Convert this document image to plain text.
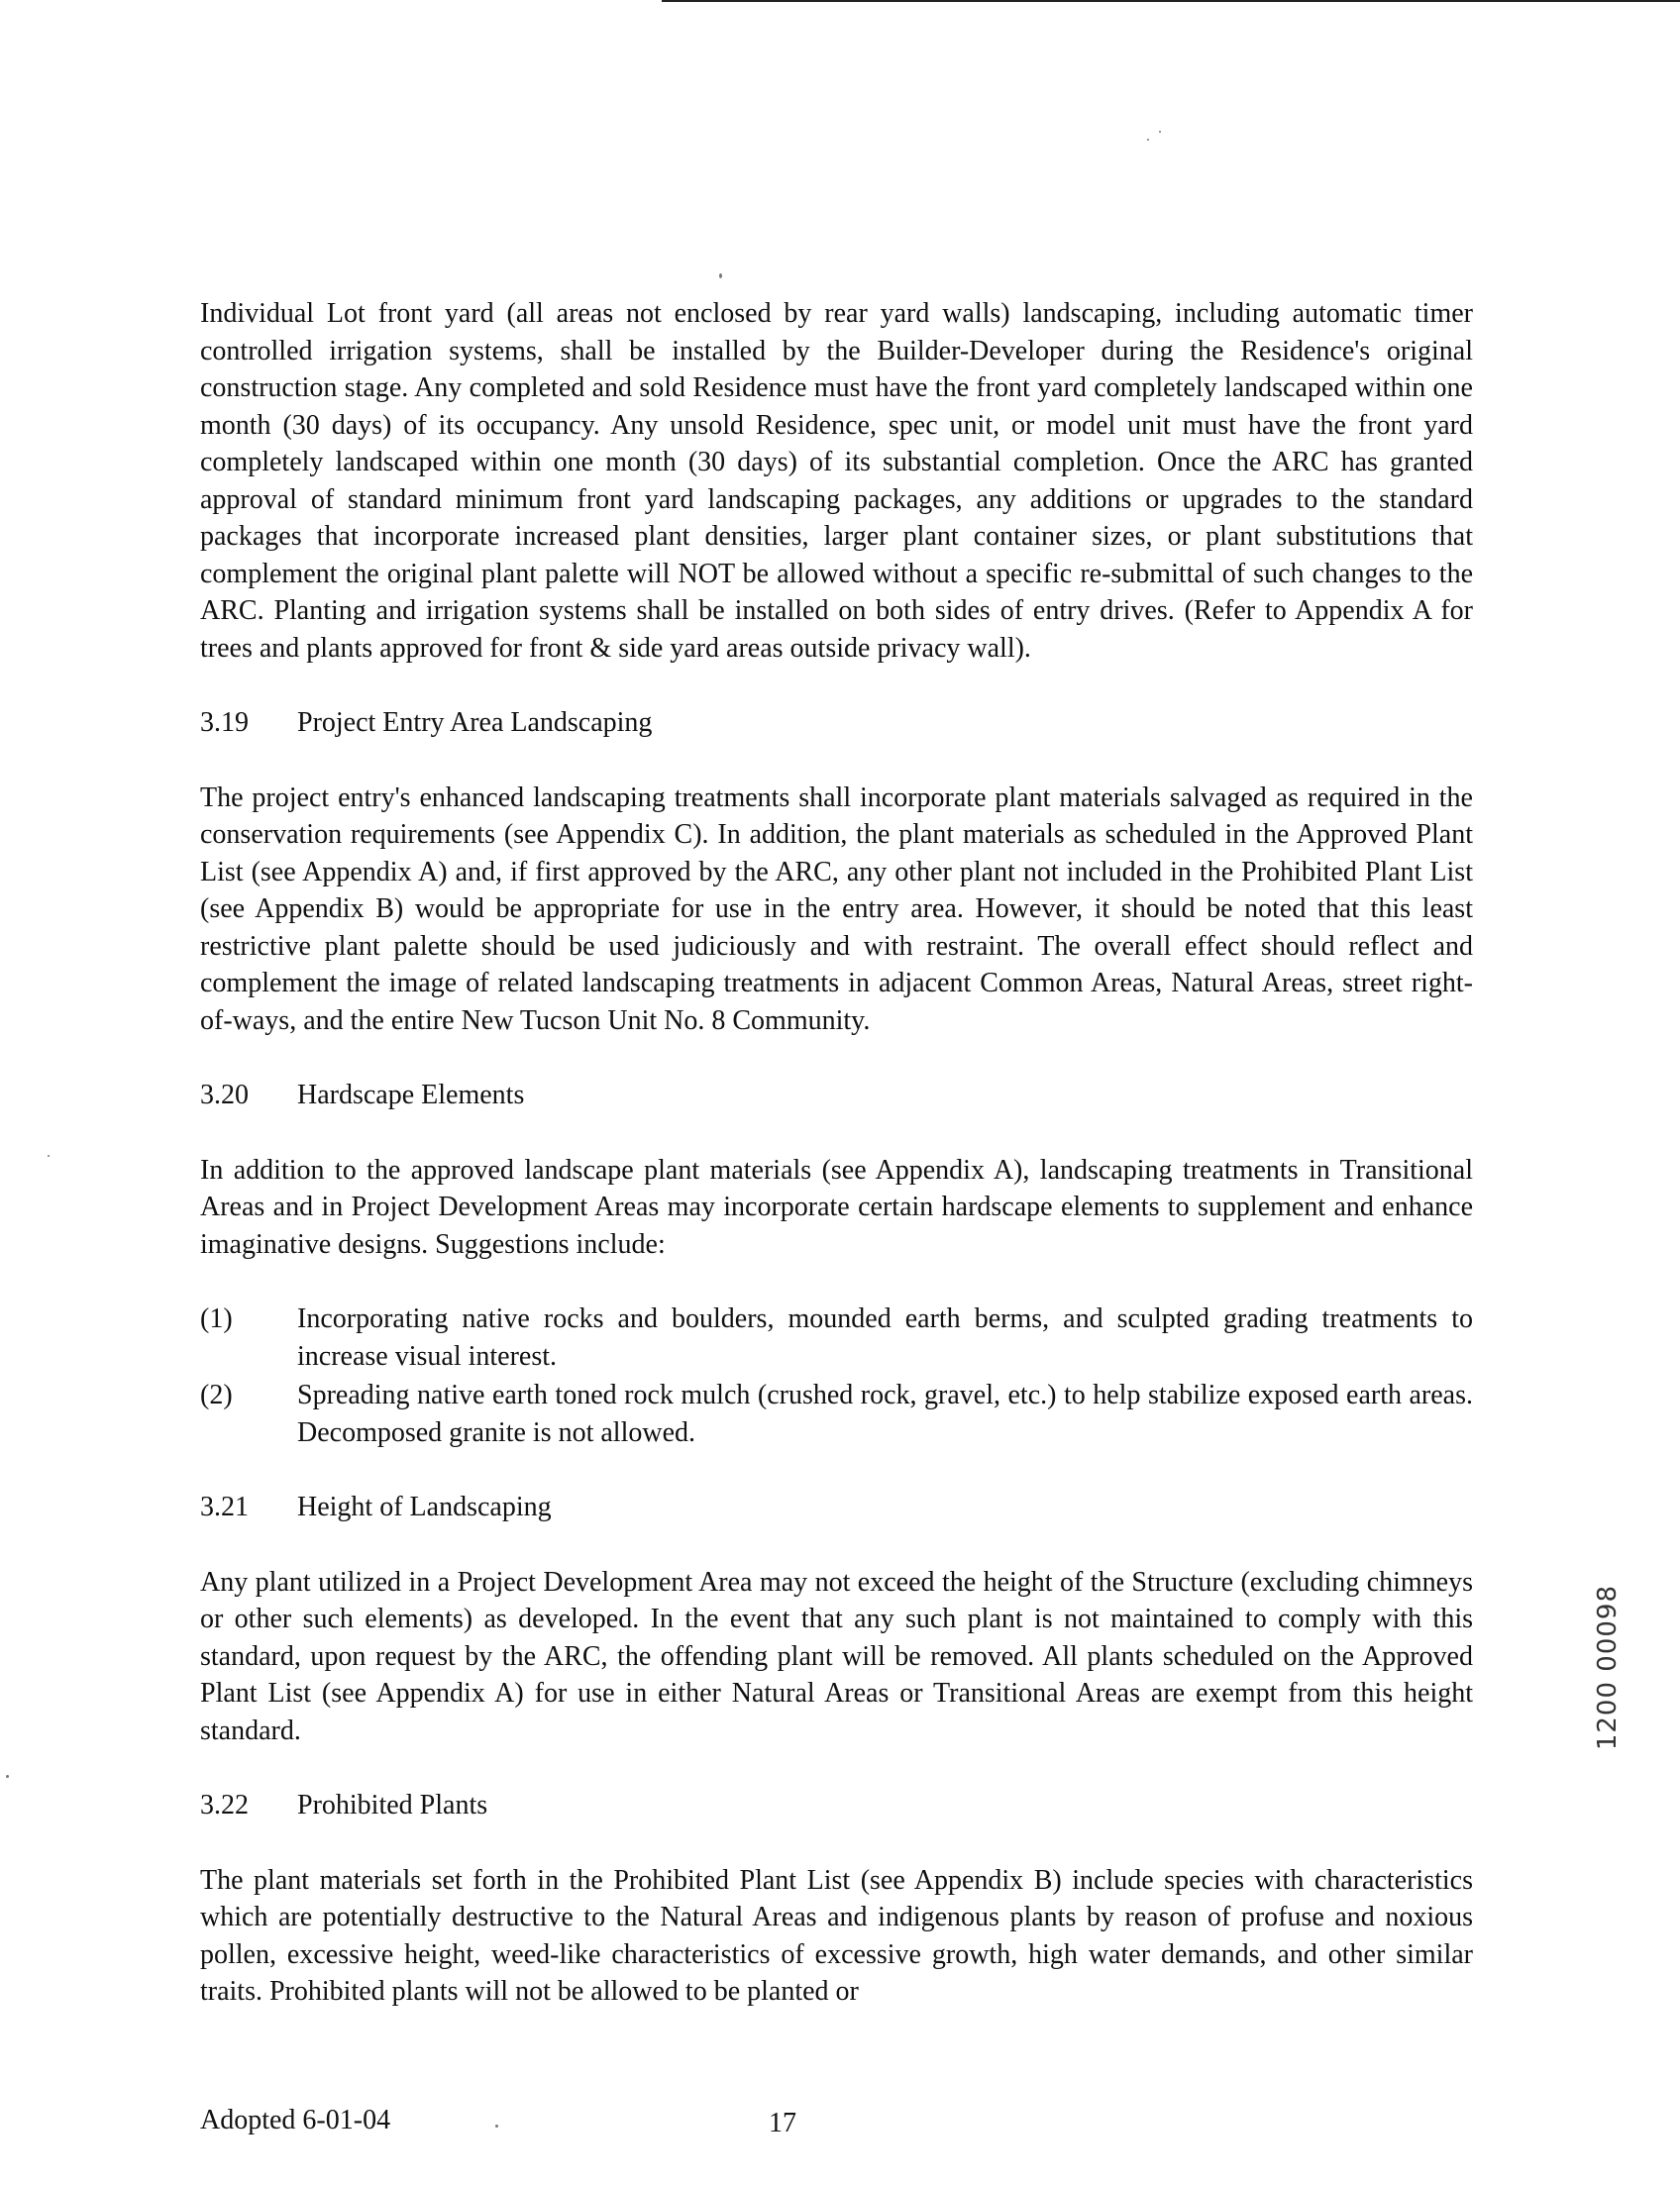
Individual Lot front yard (all areas not enclosed by rear yard walls) landscaping, including automatic timer controlled irrigation systems, shall be installed by the Builder-Developer during the Residence's original construction stage. Any completed and sold Residence must have the front yard completely landscaped within one month (30 days) of its occupancy. Any unsold Residence, spec unit, or model unit must have the front yard completely landscaped within one month (30 days) of its substantial completion. Once the ARC has granted approval of standard minimum front yard landscaping packages, any additions or upgrades to the standard packages that incorporate increased plant densities, larger plant container sizes, or plant substitutions that complement the original plant palette will NOT be allowed without a specific re-submittal of such changes to the ARC. Planting and irrigation systems shall be installed on both sides of entry drives. (Refer to Appendix A for trees and plants approved for front & side yard areas outside privacy wall).

3.19	Project Entry Area Landscaping

The project entry's enhanced landscaping treatments shall incorporate plant materials salvaged as required in the conservation requirements (see Appendix C). In addition, the plant materials as scheduled in the Approved Plant List (see Appendix A) and, if first approved by the ARC, any other plant not included in the Prohibited Plant List (see Appendix B) would be appropriate for use in the entry area. However, it should be noted that this least restrictive plant palette should be used judiciously and with restraint. The overall effect should reflect and complement the image of related landscaping treatments in adjacent Common Areas, Natural Areas, street right-of-ways, and the entire New Tucson Unit No. 8 Community.

3.20	Hardscape Elements

In addition to the approved landscape plant materials (see Appendix A), landscaping treatments in Transitional Areas and in Project Development Areas may incorporate certain hardscape elements to supplement and enhance imaginative designs. Suggestions include:

(1)	Incorporating native rocks and boulders, mounded earth berms, and sculpted grading treatments to increase visual interest.
(2)	Spreading native earth toned rock mulch (crushed rock, gravel, etc.) to help stabilize exposed earth areas. Decomposed granite is not allowed.
3.21	Height of Landscaping

Any plant utilized in a Project Development Area may not exceed the height of the Structure (excluding chimneys or other such elements) as developed. In the event that any such plant is not maintained to comply with this standard, upon request by the ARC, the offending plant will be removed. All plants scheduled on the Approved Plant List (see Appendix A) for use in either Natural Areas or Transitional Areas are exempt from this height standard.

3.22	Prohibited Plants

The plant materials set forth in the Prohibited Plant List (see Appendix B) include species with characteristics which are potentially destructive to the Natural Areas and indigenous plants by reason of profuse and noxious pollen, excessive height, weed-like characteristics of excessive growth, high water demands, and other similar traits. Prohibited plants will not be allowed to be planted or

Adopted 6-01-04	17
1200 00098
